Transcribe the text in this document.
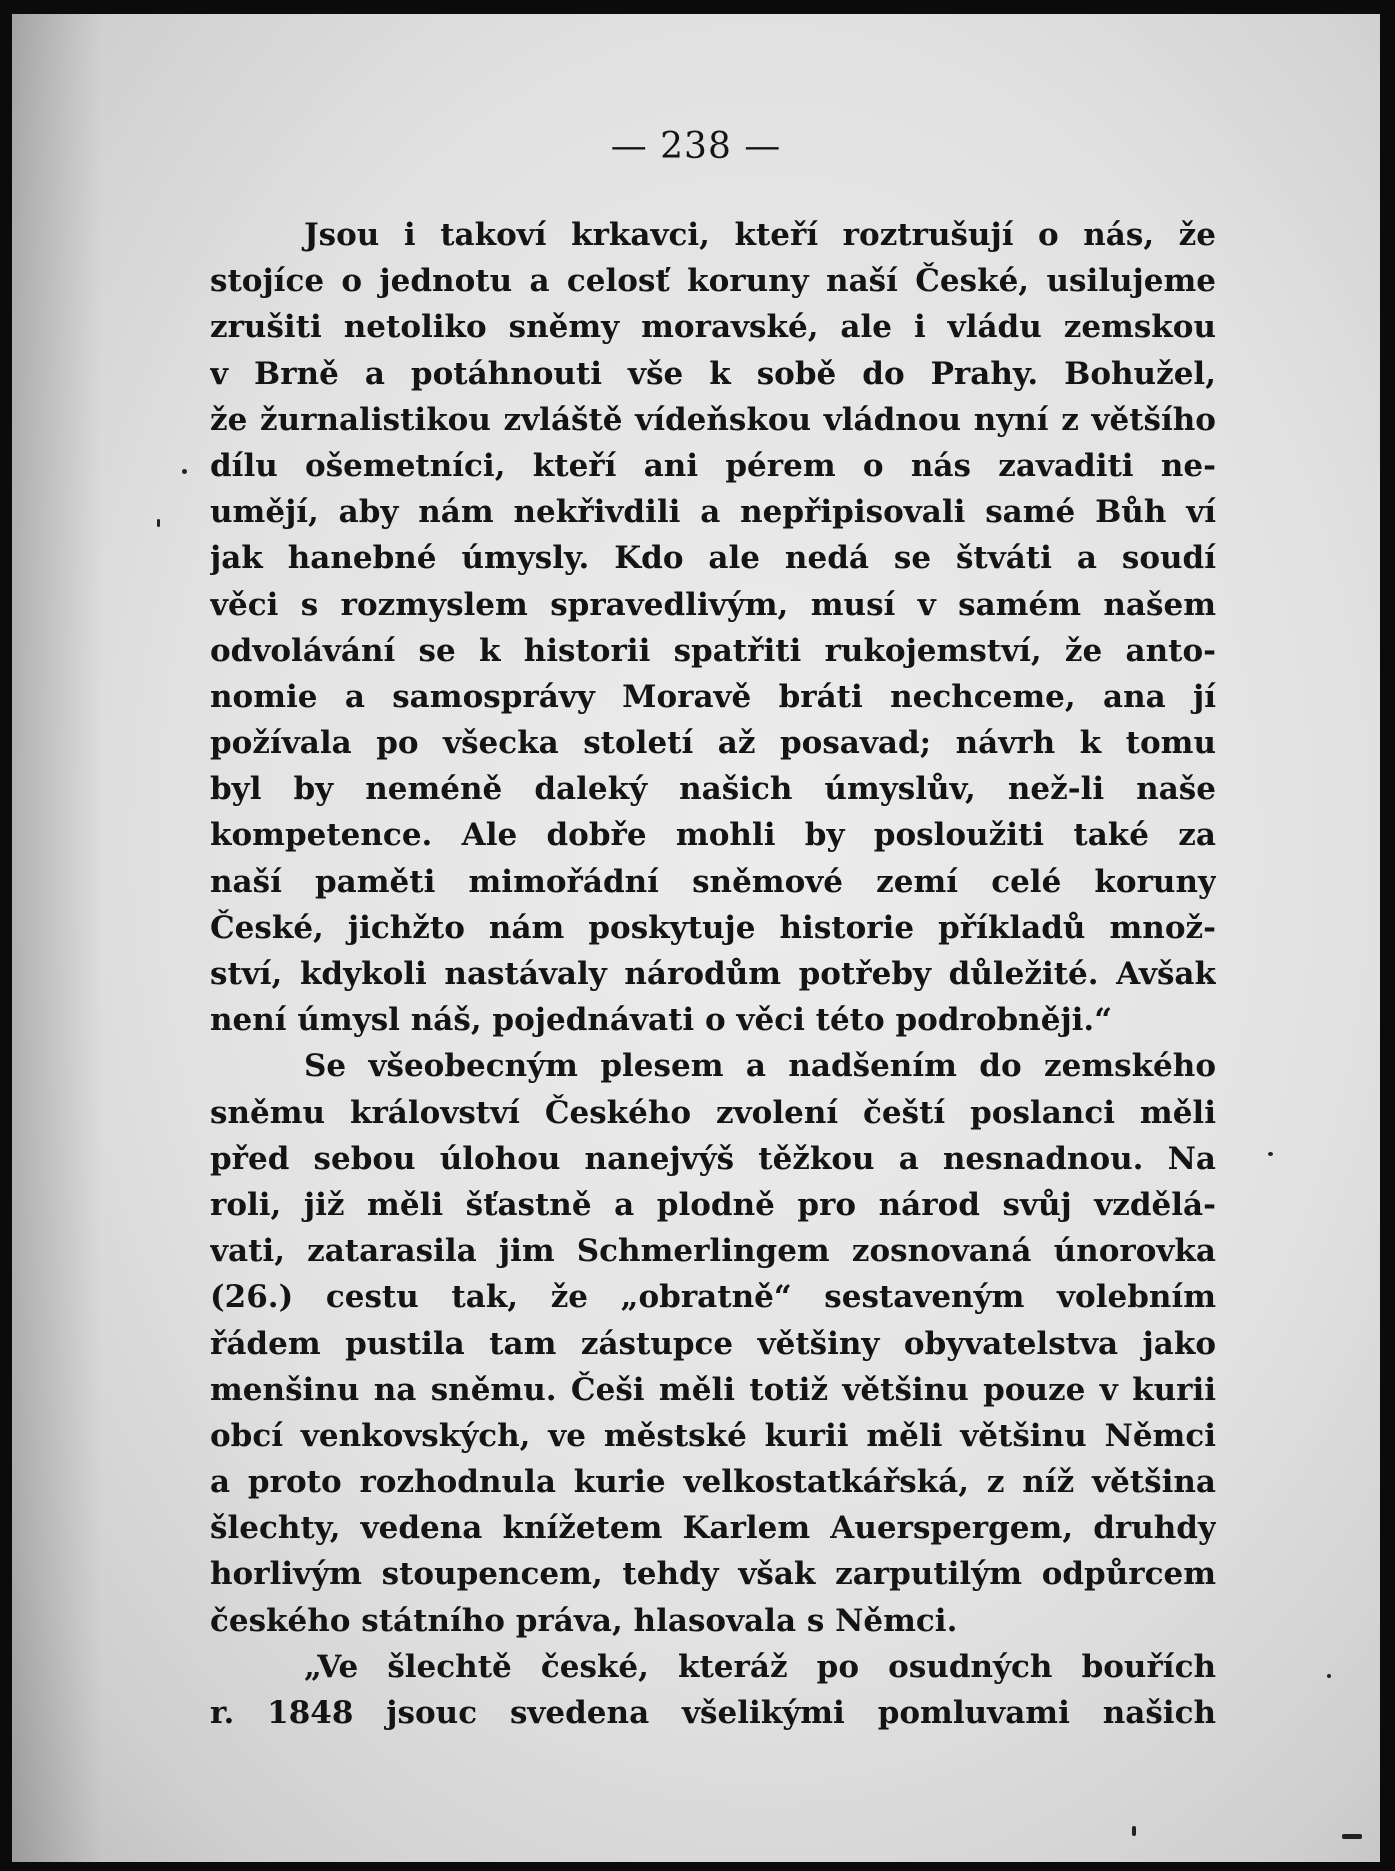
— 238 —
Jsou i takoví krkavci, kteří roztrušují o nás, že
stojíce o jednotu a celosť koruny naší České, usilujeme
zrušiti netoliko sněmy moravské, ale i vládu zemskou
v Brně a potáhnouti vše k sobě do Prahy. Bohužel,
že žurnalistikou zvláště vídeňskou vládnou nyní z většího
dílu ošemetníci, kteří ani pérem o nás zavaditi ne-
umějí, aby nám nekřivdili a nepřipisovali samé Bůh ví
jak hanebné úmysly. Kdo ale nedá se štváti a soudí
věci s rozmyslem spravedlivým, musí v samém našem
odvolávání se k historii spatřiti rukojemství, že anto-
nomie a samosprávy Moravě bráti nechceme, ana jí
požívala po všecka století až posavad; návrh k tomu
byl by neméně daleký našich úmyslův, než-li naše
kompetence. Ale dobře mohli by posloužiti také za
naší paměti mimořádní sněmové zemí celé koruny
České, jichžto nám poskytuje historie příkladů množ-
ství, kdykoli nastávaly národům potřeby důležité. Avšak
není úmysl náš, pojednávati o věci této podrobněji.“
Se všeobecným plesem a nadšením do zemského
sněmu království Českého zvolení čeští poslanci měli
před sebou úlohou nanejvýš těžkou a nesnadnou. Na
roli, již měli šťastně a plodně pro národ svůj vzdělá-
vati, zatarasila jim Schmerlingem zosnovaná únorovka
(26.) cestu tak, že „obratně“ sestaveným volebním
řádem pustila tam zástupce většiny obyvatelstva jako
menšinu na sněmu. Češi měli totiž většinu pouze v kurii
obcí venkovských, ve městské kurii měli většinu Němci
a proto rozhodnula kurie velkostatkářská, z níž většina
šlechty, vedena knížetem Karlem Auerspergem, druhdy
horlivým stoupencem, tehdy však zarputilým odpůrcem
českého státního práva, hlasovala s Němci.
„Ve šlechtě české, kteráž po osudných bouřích
r. 1848 jsouc svedena všelikými pomluvami našich
